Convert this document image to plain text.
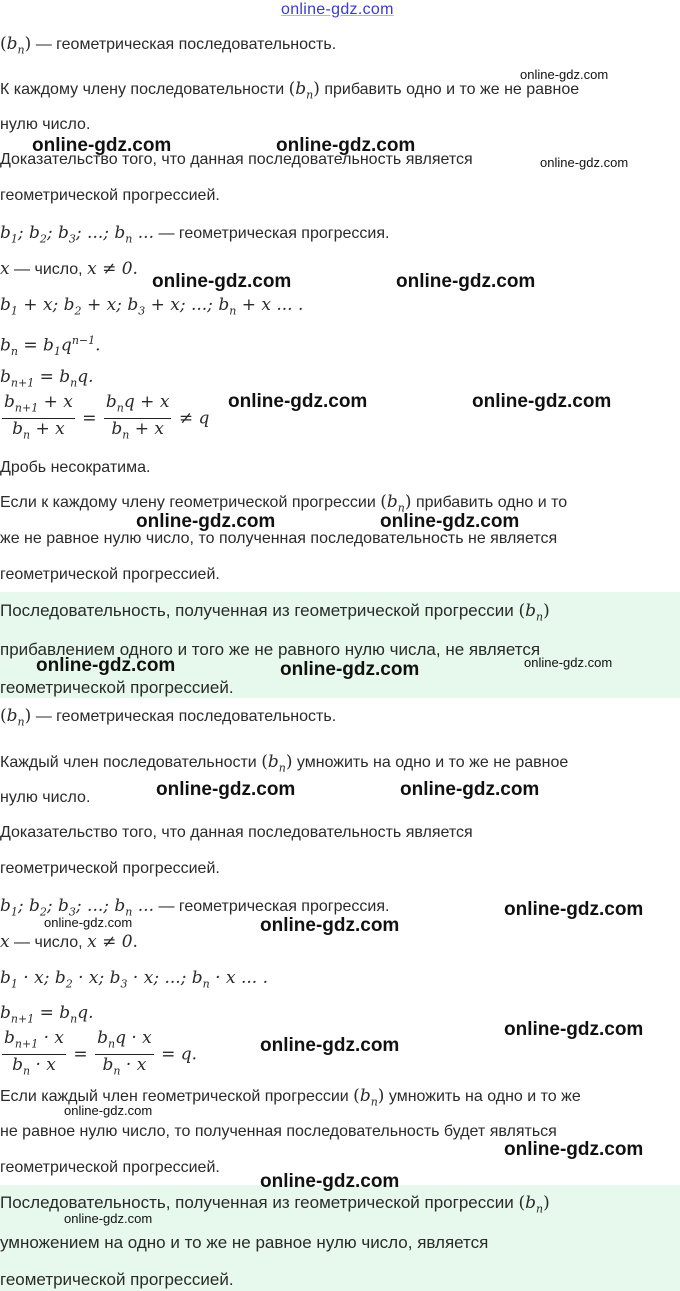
$(b_n)$ — геометрическая последовательность.
К каждому члену последовательности $(b_n)$ прибавить одно и то же не равное
нулю число.
Доказательство того, что данная последовательность является
геометрической прогрессией.
$b_1$; $b_2$; $b_3$; ...; $b_n$ ... — геометрическая прогрессия.
x — число, x ≠ 0.
$b_1 + x$; $b_2 + x$; $b_3 + x$; ...; $b_n + x$ ... .
$b_n = b_1q^{n-1}$.
$b_{n+1} = b_nq$.
$\frac{b_{n+1} + x}{b_n + x} = \frac{b_nq + x}{b_n + x} \ne q$
Дробь несократима.
Если к каждому члену геометрической прогрессии $(b_n)$ прибавить одно и то
же не равное нулю число, то полученная последовательность не является
геометрической прогрессией.
Последовательность, полученная из геометрической прогрессии $(b_n)$
прибавлением одного и того же не равного нулю числа, не является
геометрической прогрессией.
$(b_n)$ — геометрическая последовательность.
Каждый член последовательности $(b_n)$ умножить на одно и то же не равное
нулю число.
Доказательство того, что данная последовательность является
геометрической прогрессией.
$b_1$; $b_2$; $b_3$; ...; $b_n$ ... — геометрическая прогрессия.
x — число, x ≠ 0.
$b_1 \cdot x$; $b_2 \cdot x$; $b_3 \cdot x$; ...; $b_n \cdot x$ ... .
$b_{n+1} = b_nq$.
$\frac{b_{n+1} \cdot x}{b_n \cdot x} = \frac{b_nq \cdot x}{b_n \cdot x} = q$.
Если каждый член геометрической прогрессии $(b_n)$ умножить на одно и то же
не равное нулю число, то полученная последовательность будет являться
геометрической прогрессией.
Последовательность, полученная из геометрической прогрессии $(b_n)$
умножением на одно и то же не равное нулю число, является
геометрической прогрессией.
online-gdz.com
online-gdz.com
online-gdz.com	online-gdz.com
online-gdz.com
online-gdz.com	online-gdz.com
online-gdz.com	online-gdz.com
online-gdz.com	online-gdz.com
online-gdz.com	online-gdz.com	online-gdz.com
online-gdz.com	online-gdz.com
online-gdz.com
online-gdz.com	online-gdz.com
online-gdz.com
online-gdz.com
online-gdz.com
online-gdz.com
online-gdz.com
online-gdz.com
